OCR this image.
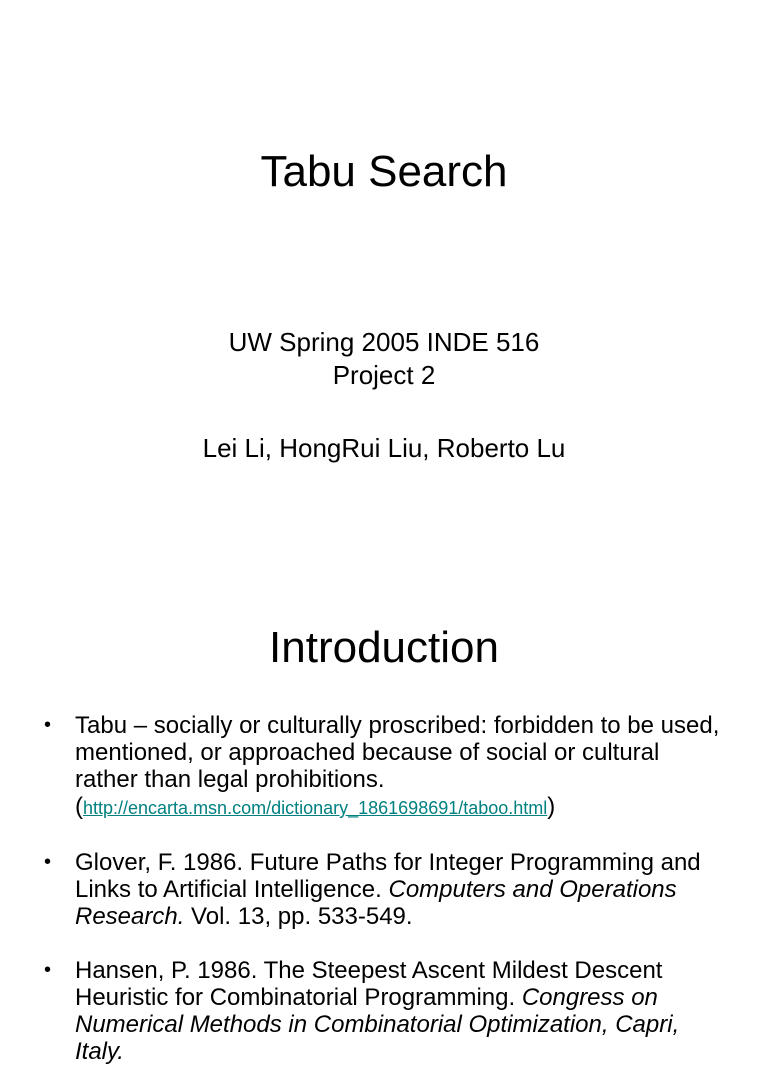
Tabu Search
UW Spring 2005 INDE 516
Project 2
Lei Li, HongRui Liu, Roberto Lu
Introduction
• Tabu – socially or culturally proscribed: forbidden to be used, mentioned, or approached because of social or cultural rather than legal prohibitions.
(http://encarta.msn.com/dictionary_1861698691/taboo.html)
• Glover, F. 1986. Future Paths for Integer Programming and Links to Artificial Intelligence. Computers and Operations Research. Vol. 13, pp. 533-549.
• Hansen, P. 1986. The Steepest Ascent Mildest Descent Heuristic for Combinatorial Programming. Congress on Numerical Methods in Combinatorial Optimization, Capri, Italy.
